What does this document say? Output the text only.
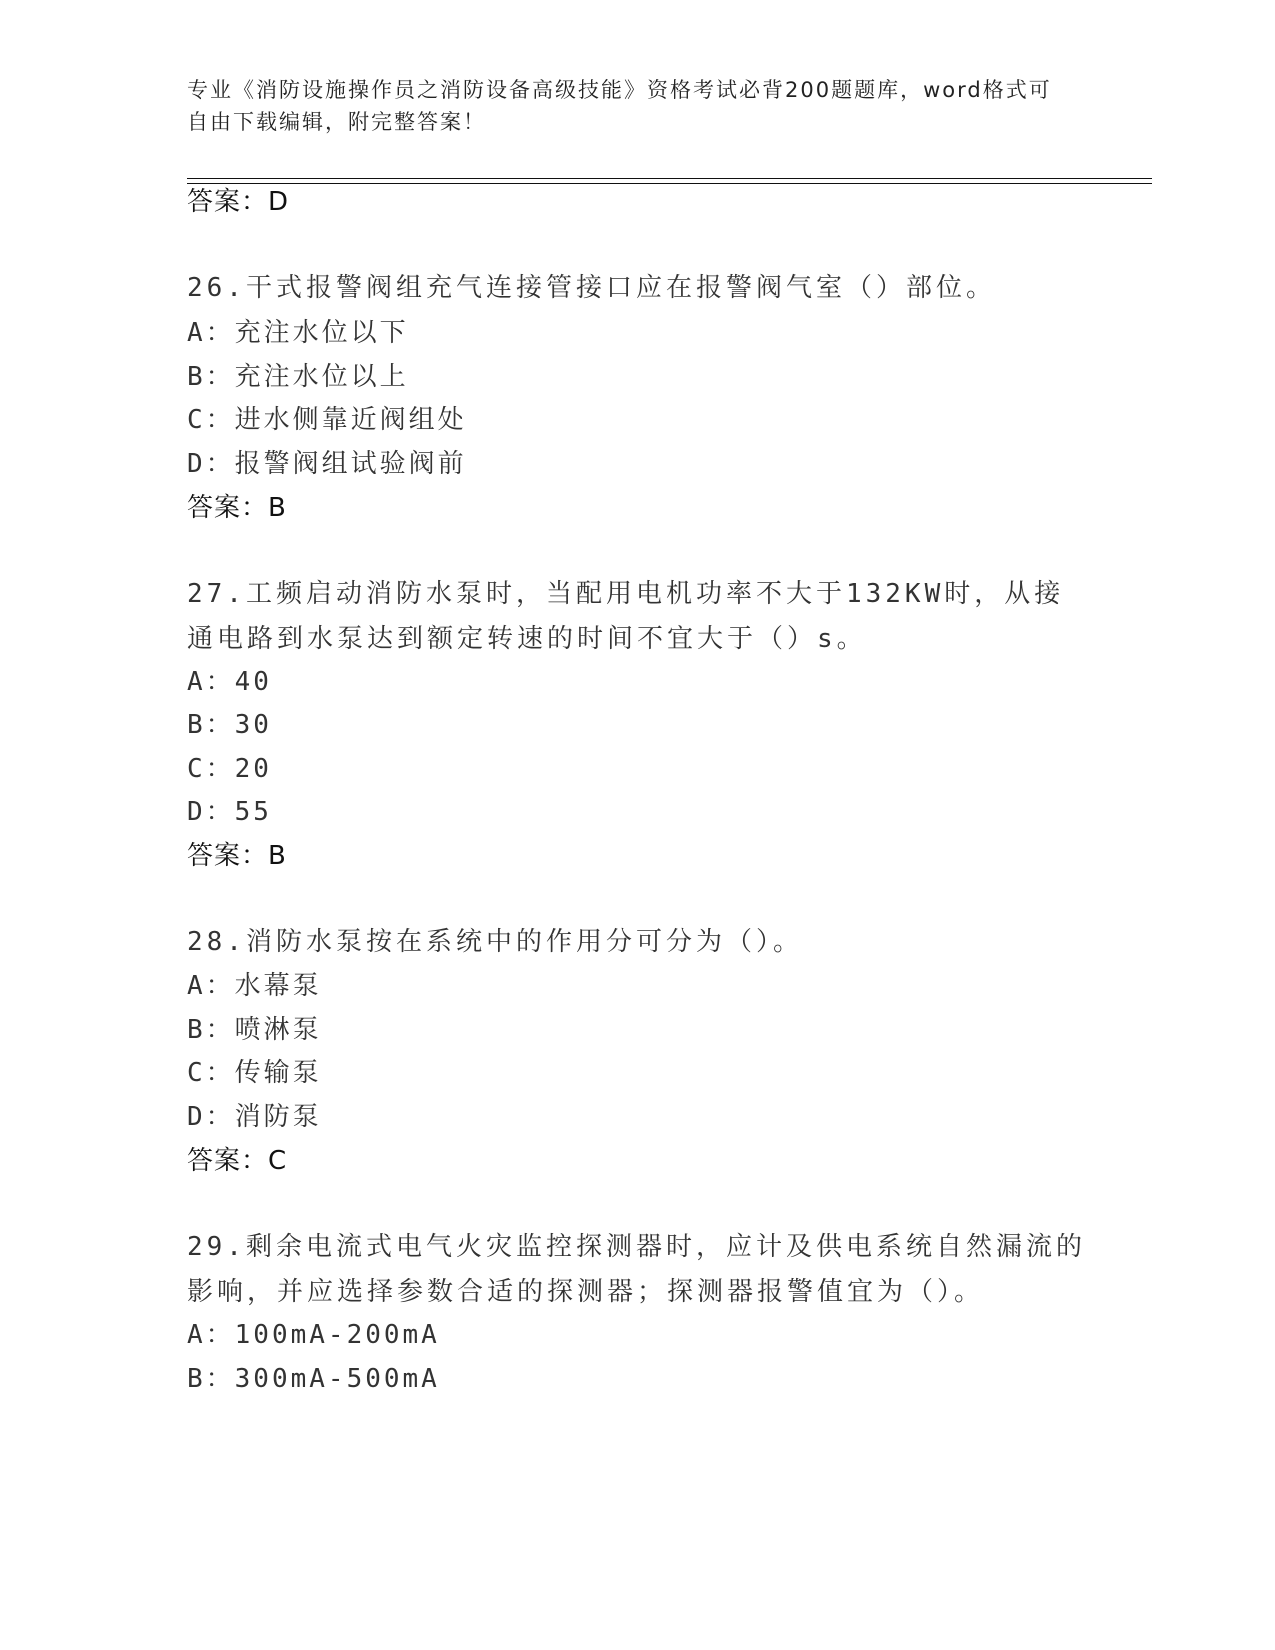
专业《消防设施操作员之消防设备高级技能》资格考试必背200题题库，word格式可自由下载编辑，附完整答案！
答案：D
26.干式报警阀组充气连接管接口应在报警阀气室（）部位。
A：充注水位以下
B：充注水位以上
C：进水侧靠近阀组处
D：报警阀组试验阀前
答案：B
27.工频启动消防水泵时，当配用电机功率不大于132KW时，从接通电路到水泵达到额定转速的时间不宜大于（）s。
A：40
B：30
C：20
D：55
答案：B
28.消防水泵按在系统中的作用分可分为（）。
A：水幕泵
B：喷淋泵
C：传输泵
D：消防泵
答案：C
29.剩余电流式电气火灾监控探测器时，应计及供电系统自然漏流的影响，并应选择参数合适的探测器；探测器报警值宜为（）。
A：100mA-200mA
B：300mA-500mA
